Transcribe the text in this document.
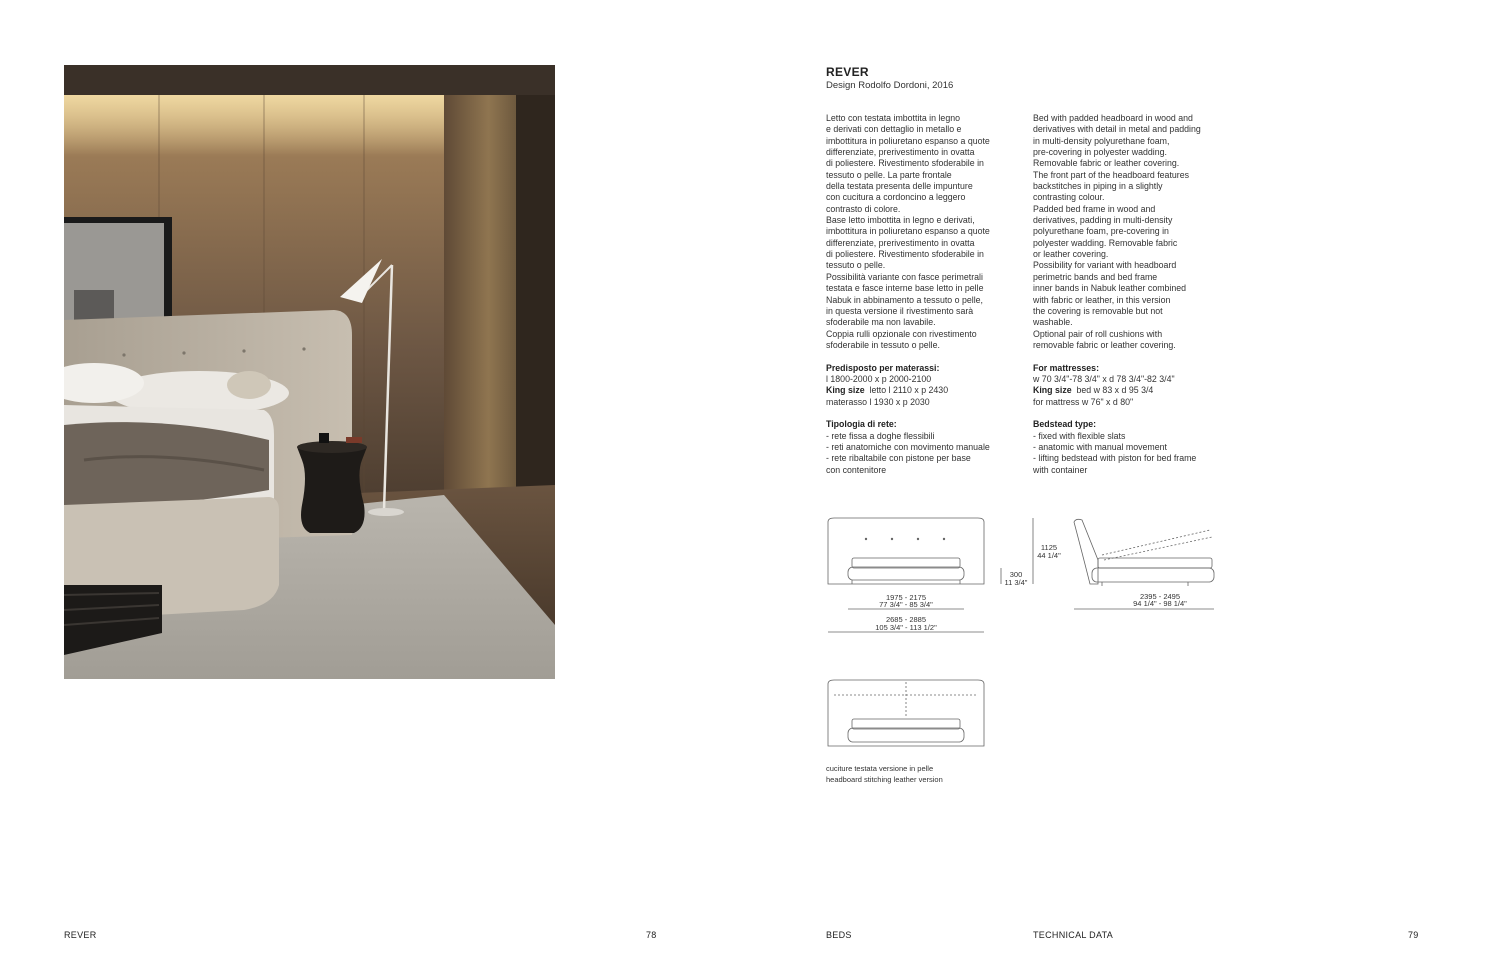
REVER	78
REVER
Design Rodolfo Dordoni, 2016

Letto con testata imbottita in legno
e derivati con dettaglio in metallo e
imbottitura in poliuretano espanso a quote
differenziate, prerivestimento in ovatta
di poliestere. Rivestimento sfoderabile in
tessuto o pelle. La parte frontale
della testata presenta delle impunture
con cucitura a cordoncino a leggero
contrasto di colore.
Base letto imbottita in legno e derivati,
imbottitura in poliuretano espanso a quote
differenziate, prerivestimento in ovatta
di poliestere. Rivestimento sfoderabile in
tessuto o pelle.
Possibilità variante con fasce perimetrali
testata e fasce interne base letto in pelle
Nabuk in abbinamento a tessuto o pelle,
in questa versione il rivestimento sarà
sfoderabile ma non lavabile.
Coppia rulli opzionale con rivestimento
sfoderabile in tessuto o pelle.

Predisposto per materassi:

l 1800-2000 x p 2000-2100

King size letto l 2110 x p 2430

materasso l 1930 x p 2030

Tipologia di rete:

- rete fissa a doghe flessibili
- reti anatomiche con movimento manuale
- rete ribaltabile con pistone per base
con contenitore

Bed with padded headboard in wood and
derivatives with detail in metal and padding
in multi-density polyurethane foam,
pre-covering in polyester wadding.
Removable fabric or leather covering.
The front part of the headboard features
backstitches in piping in a slightly
contrasting colour.
Padded bed frame in wood and
derivatives, padding in multi-density
polyurethane foam, pre-covering in
polyester wadding. Removable fabric
or leather covering.
Possibility for variant with headboard
perimetric bands and bed frame
inner bands in Nabuk leather combined
with fabric or leather, in this version
the covering is removable but not
washable.
Optional pair of roll cushions with
removable fabric or leather covering.

For mattresses:

w 70 3/4"-78 3/4" x d 78 3/4"-82 3/4"

King size bed w 83 x d 95 3/4

for mattress w 76" x d 80"

Bedstead type:

- fixed with flexible slats
- anatomic with manual movement
- lifting bedstead with piston for bed frame
with container

1975 - 2175
77 3/4" - 85 3/4"
2685 - 2885
105 3/4" - 113 1/2"
300
11 3/4"
1125
44 1/4"
2395 - 2495
94 1/4" - 98 1/4"
cuciture testata versione in pelle
headboard stitching leather version
BEDS	TECHNICAL DATA	79
